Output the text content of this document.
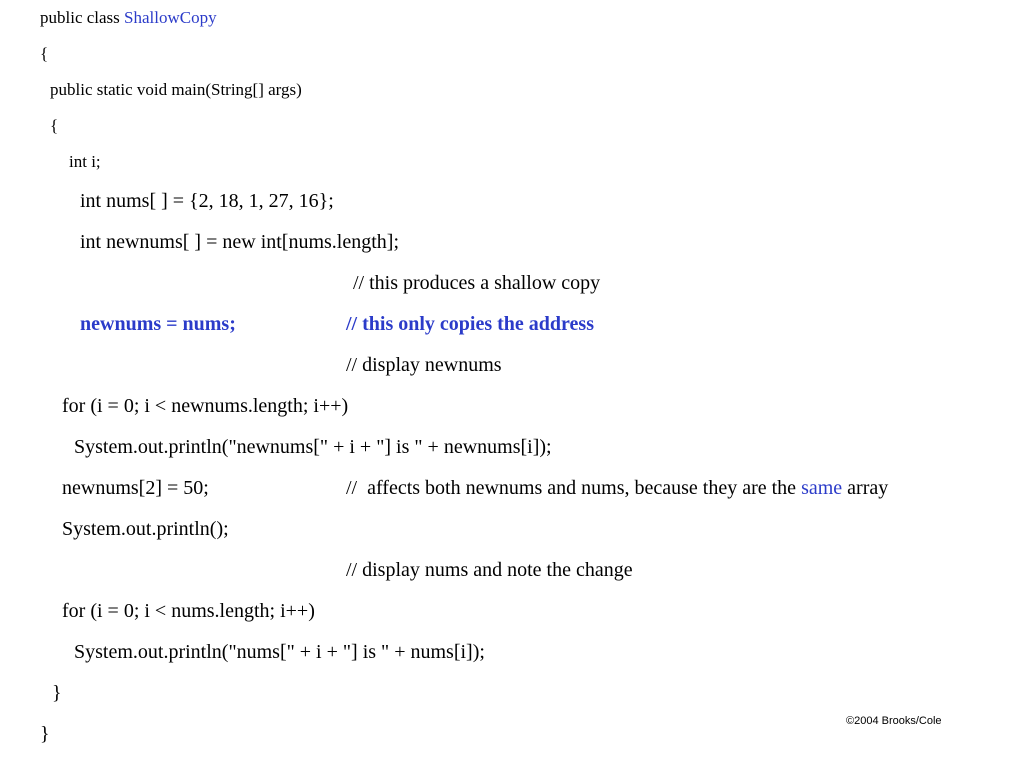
public class ShallowCopy
{
public static void main(String[] args)
{
int i;
int nums[ ] = {2, 18, 1, 27, 16};
int newnums[ ] = new int[nums.length];
// this produces a shallow copy
newnums = nums;	// this only copies the address
// display newnums
for (i = 0; i < newnums.length; i++)
System.out.println("newnums[" + i + "] is " + newnums[i]);
newnums[2] = 50;	//  affects both newnums and nums, because they are the same array
System.out.println();
// display nums and note the change
for (i = 0; i < nums.length; i++)
System.out.println("nums[" + i + "] is " + nums[i]);
}
}
©2004 Brooks/Cole
